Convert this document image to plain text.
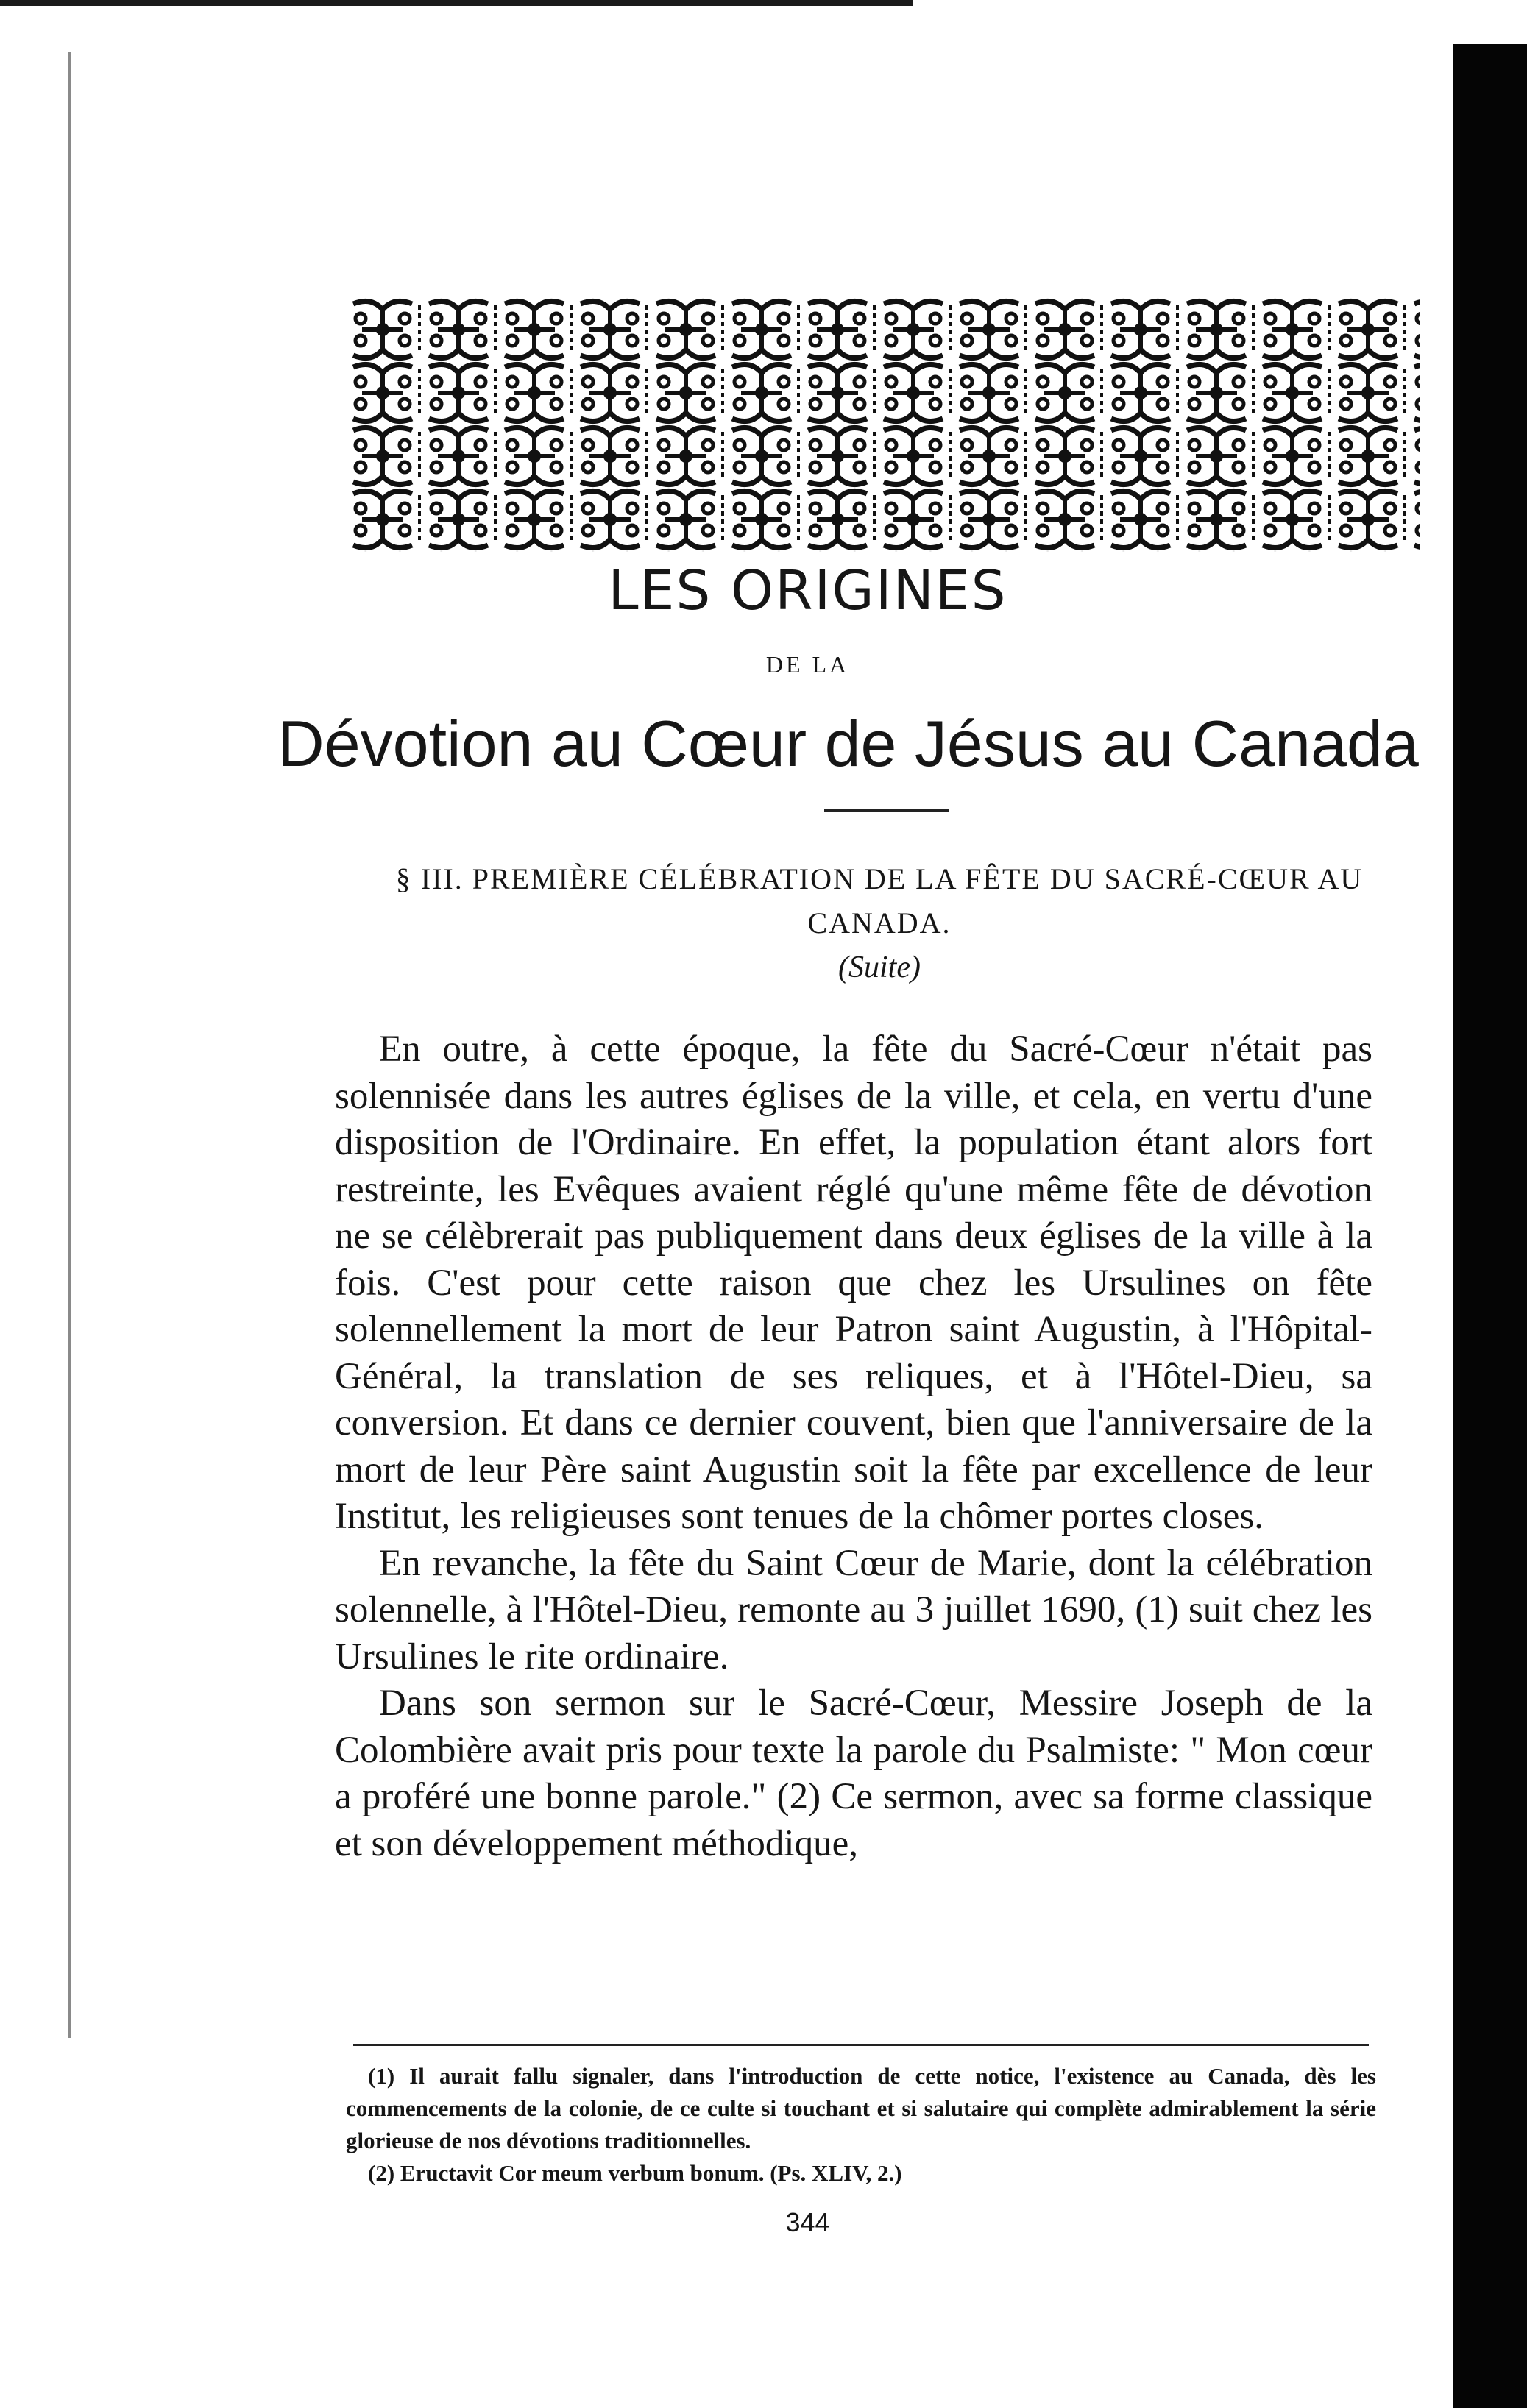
LES ORIGINES
DE LA
Dévotion au Cœur de Jésus au Canada
§ III. PREMIÈRE CÉLÉBRATION DE LA FÊTE DU SACRÉ-CŒUR AU CANADA.
(Suite)

En outre, à cette époque, la fête du Sacré-Cœur n'était pas solennisée dans les autres églises de la ville, et cela, en vertu d'une disposition de l'Ordinaire. En effet, la population étant alors fort restreinte, les Evêques avaient réglé qu'une même fête de dévotion ne se célèbrerait pas publiquement dans deux églises de la ville à la fois. C'est pour cette raison que chez les Ursulines on fête solennellement la mort de leur Patron saint Augustin, à l'Hôpital-Général, la translation de ses reliques, et à l'Hôtel-Dieu, sa conversion. Et dans ce dernier couvent, bien que l'anniversaire de la mort de leur Père saint Augustin soit la fête par excellence de leur Institut, les religieuses sont tenues de la chômer portes closes.

En revanche, la fête du Saint Cœur de Marie, dont la célébration solennelle, à l'Hôtel-Dieu, remonte au 3 juillet 1690, (1) suit chez les Ursulines le rite ordinaire.

Dans son sermon sur le Sacré-Cœur, Messire Joseph de la Colombière avait pris pour texte la parole du Psalmiste: " Mon cœur a proféré une bonne parole." (2) Ce sermon, avec sa forme classique et son développement méthodique,

(1) Il aurait fallu signaler, dans l'introduction de cette notice, l'existence au Canada, dès les commencements de la colonie, de ce culte si touchant et si salutaire qui complète admirablement la série glorieuse de nos dévotions traditionnelles.

(2) Eructavit Cor meum verbum bonum. (Ps. XLIV, 2.)

344
